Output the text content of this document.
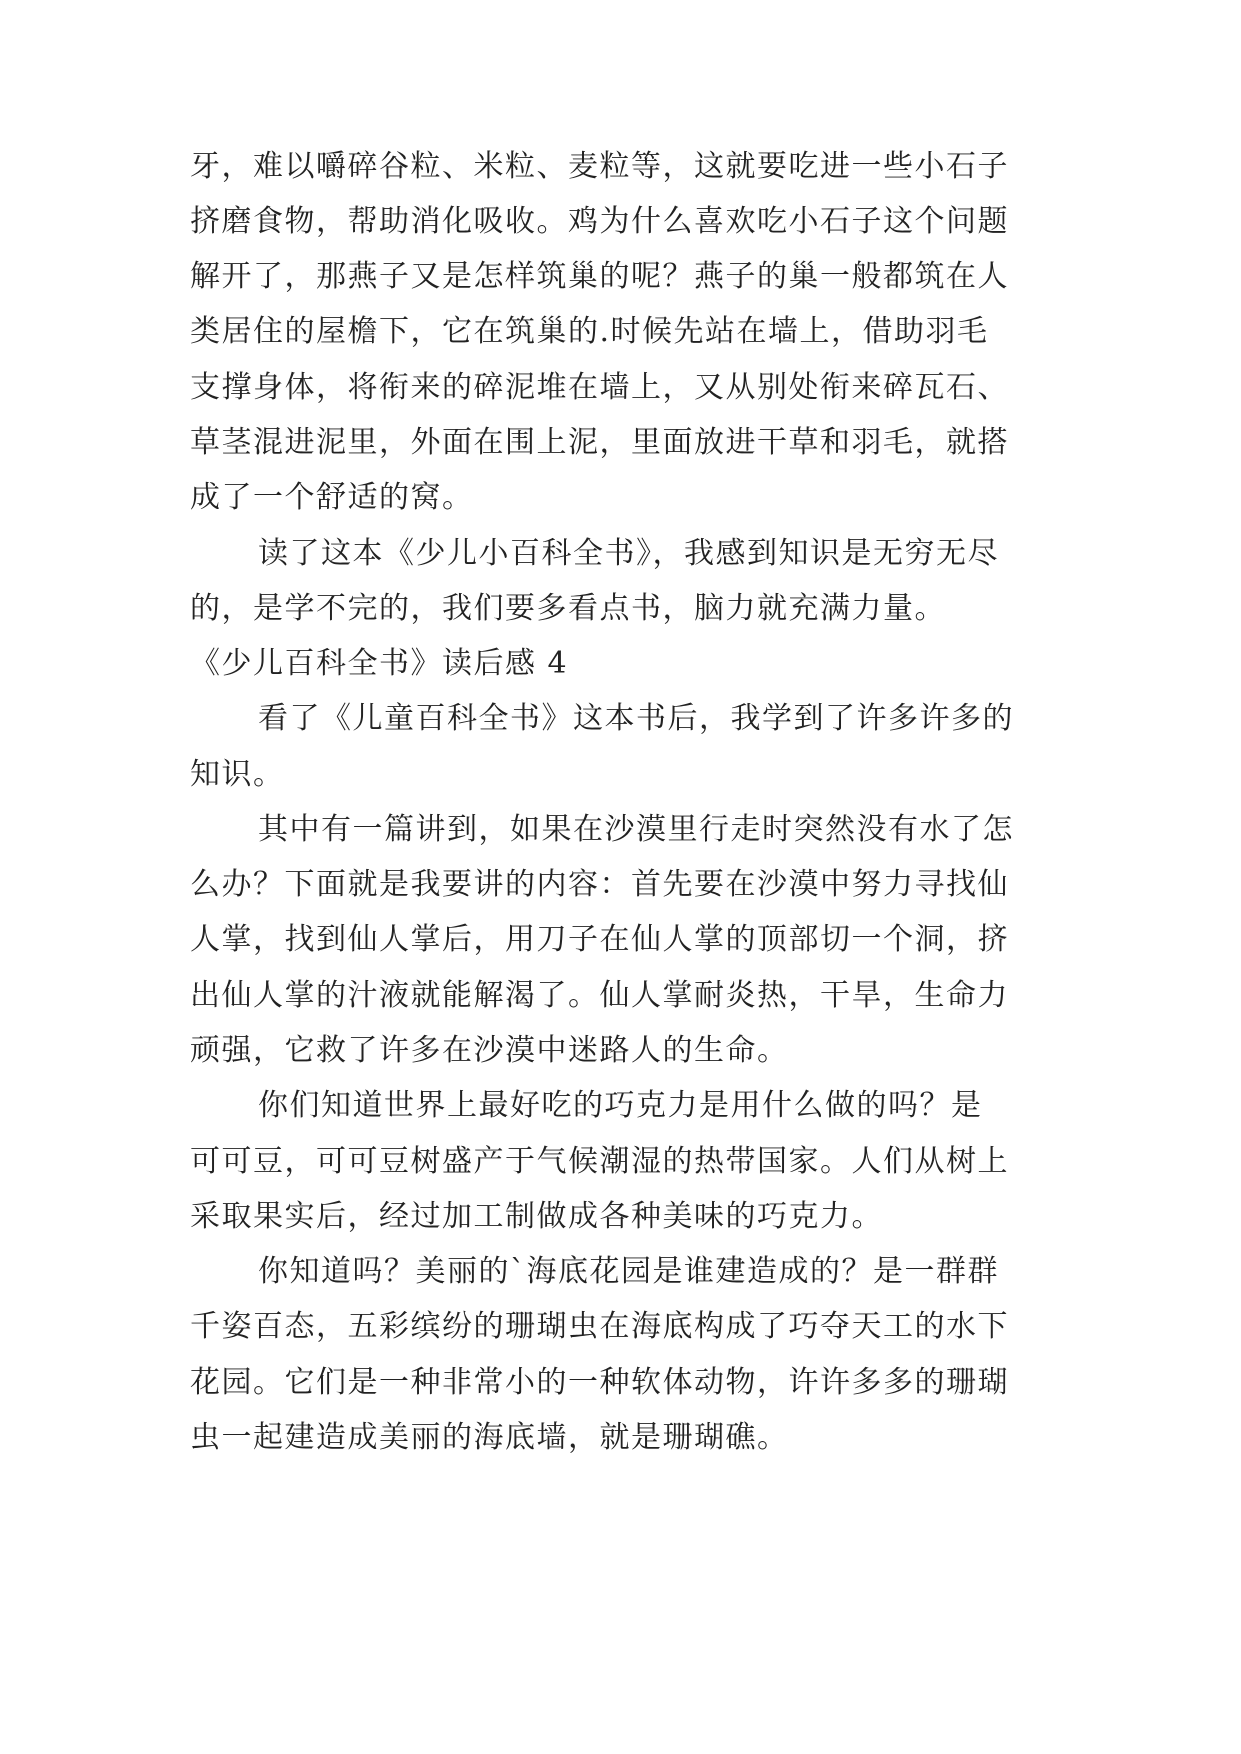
牙，难以嚼碎谷粒、米粒、麦粒等，这就要吃进一些小石子

挤磨食物，帮助消化吸收。鸡为什么喜欢吃小石子这个问题

解开了，那燕子又是怎样筑巢的呢？燕子的巢一般都筑在人

类居住的屋檐下，它在筑巢的.时候先站在墙上，借助羽毛

支撑身体，将衔来的碎泥堆在墙上，又从别处衔来碎瓦石、

草茎混进泥里，外面在围上泥，里面放进干草和羽毛，就搭

成了一个舒适的窝。

读了这本《少儿小百科全书》，我感到知识是无穷无尽

的，是学不完的，我们要多看点书，脑力就充满力量。

《少儿百科全书》读后感 4

看了《儿童百科全书》这本书后，我学到了许多许多的

知识。

其中有一篇讲到，如果在沙漠里行走时突然没有水了怎

么办？下面就是我要讲的内容：首先要在沙漠中努力寻找仙

人掌，找到仙人掌后，用刀子在仙人掌的顶部切一个洞，挤

出仙人掌的汁液就能解渴了。仙人掌耐炎热，干旱，生命力

顽强，它救了许多在沙漠中迷路人的生命。

你们知道世界上最好吃的巧克力是用什么做的吗？是

可可豆，可可豆树盛产于气候潮湿的热带国家。人们从树上

采取果实后，经过加工制做成各种美味的巧克力。

你知道吗？美丽的`海底花园是谁建造成的？是一群群

千姿百态，五彩缤纷的珊瑚虫在海底构成了巧夺天工的水下

花园。它们是一种非常小的一种软体动物，许许多多的珊瑚

虫一起建造成美丽的海底墙，就是珊瑚礁。
